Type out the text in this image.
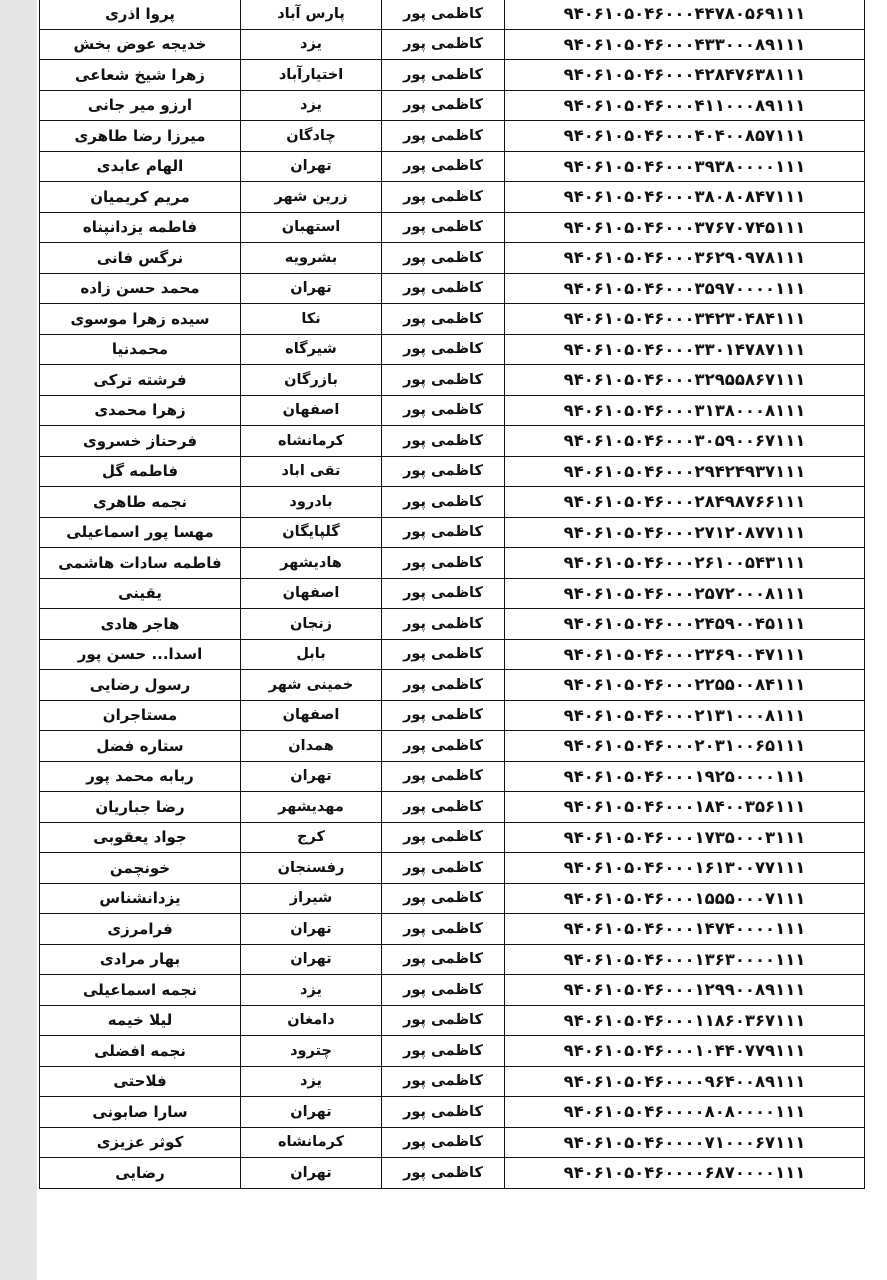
پروا اذری	پارس آباد	کاظمی پور	۹۴۰۶۱۰۵۰۴۶۰۰۰۴۴۷۸۰۵۶۹۱۱۱
خدیجه عوض بخش	یزد	کاظمی پور	۹۴۰۶۱۰۵۰۴۶۰۰۰۴۳۳۰۰۰۸۹۱۱۱
زهرا شیخ شعاعی	اختیارآباد	کاظمی پور	۹۴۰۶۱۰۵۰۴۶۰۰۰۴۲۸۴۷۶۳۸۱۱۱
ارزو میر جانی	یزد	کاظمی پور	۹۴۰۶۱۰۵۰۴۶۰۰۰۴۱۱۰۰۰۸۹۱۱۱
میرزا رضا طاهری	چادگان	کاظمی پور	۹۴۰۶۱۰۵۰۴۶۰۰۰۴۰۴۰۰۸۵۷۱۱۱
الهام عابدی	تهران	کاظمی پور	۹۴۰۶۱۰۵۰۴۶۰۰۰۳۹۳۸۰۰۰۰۱۱۱
مریم کریمیان	زرین شهر	کاظمی پور	۹۴۰۶۱۰۵۰۴۶۰۰۰۳۸۰۸۰۸۴۷۱۱۱
فاطمه یزدانپناه	استهبان	کاظمی پور	۹۴۰۶۱۰۵۰۴۶۰۰۰۳۷۶۷۰۷۴۵۱۱۱
نرگس فانی	بشرویه	کاظمی پور	۹۴۰۶۱۰۵۰۴۶۰۰۰۳۶۲۹۰۹۷۸۱۱۱
محمد حسن زاده	تهران	کاظمی پور	۹۴۰۶۱۰۵۰۴۶۰۰۰۳۵۹۷۰۰۰۰۱۱۱
سیده زهرا موسوی	نکا	کاظمی پور	۹۴۰۶۱۰۵۰۴۶۰۰۰۳۴۲۳۰۴۸۴۱۱۱
محمدنیا	شیرگاه	کاظمی پور	۹۴۰۶۱۰۵۰۴۶۰۰۰۳۳۰۱۴۷۸۷۱۱۱
فرشته ترکی	بازرگان	کاظمی پور	۹۴۰۶۱۰۵۰۴۶۰۰۰۳۲۹۵۵۸۶۷۱۱۱
زهرا محمدی	اصفهان	کاظمی پور	۹۴۰۶۱۰۵۰۴۶۰۰۰۳۱۳۸۰۰۰۸۱۱۱
فرحناز خسروی	کرمانشاه	کاظمی پور	۹۴۰۶۱۰۵۰۴۶۰۰۰۳۰۵۹۰۰۶۷۱۱۱
فاطمه گل	تقی اباد	کاظمی پور	۹۴۰۶۱۰۵۰۴۶۰۰۰۲۹۴۲۴۹۳۷۱۱۱
نجمه طاهری	بادرود	کاظمی پور	۹۴۰۶۱۰۵۰۴۶۰۰۰۲۸۴۹۸۷۶۶۱۱۱
مهسا پور اسماعیلی	گلپایگان	کاظمی پور	۹۴۰۶۱۰۵۰۴۶۰۰۰۲۷۱۲۰۸۷۷۱۱۱
فاطمه سادات هاشمی	هادیشهر	کاظمی پور	۹۴۰۶۱۰۵۰۴۶۰۰۰۲۶۱۰۰۵۴۳۱۱۱
یقینی	اصفهان	کاظمی پور	۹۴۰۶۱۰۵۰۴۶۰۰۰۲۵۷۲۰۰۰۸۱۱۱
هاجر هادی	زنجان	کاظمی پور	۹۴۰۶۱۰۵۰۴۶۰۰۰۲۴۵۹۰۰۴۵۱۱۱
اسدا... حسن پور	بابل	کاظمی پور	۹۴۰۶۱۰۵۰۴۶۰۰۰۲۳۶۹۰۰۴۷۱۱۱
رسول رضایی	خمینی شهر	کاظمی پور	۹۴۰۶۱۰۵۰۴۶۰۰۰۲۲۵۵۰۰۸۴۱۱۱
مستاجران	اصفهان	کاظمی پور	۹۴۰۶۱۰۵۰۴۶۰۰۰۲۱۳۱۰۰۰۸۱۱۱
ستاره فضل	همدان	کاظمی پور	۹۴۰۶۱۰۵۰۴۶۰۰۰۲۰۳۱۰۰۶۵۱۱۱
ربابه محمد پور	تهران	کاظمی پور	۹۴۰۶۱۰۵۰۴۶۰۰۰۱۹۲۵۰۰۰۰۱۱۱
رضا جباریان	مهدیشهر	کاظمی پور	۹۴۰۶۱۰۵۰۴۶۰۰۰۱۸۴۰۰۳۵۶۱۱۱
جواد یعقوبی	کرج	کاظمی پور	۹۴۰۶۱۰۵۰۴۶۰۰۰۱۷۳۵۰۰۰۳۱۱۱
خونچمن	رفسنجان	کاظمی پور	۹۴۰۶۱۰۵۰۴۶۰۰۰۱۶۱۳۰۰۷۷۱۱۱
یزدانشناس	شیراز	کاظمی پور	۹۴۰۶۱۰۵۰۴۶۰۰۰۱۵۵۵۰۰۰۷۱۱۱
فرامرزی	تهران	کاظمی پور	۹۴۰۶۱۰۵۰۴۶۰۰۰۱۴۷۴۰۰۰۰۱۱۱
بهار مرادی	تهران	کاظمی پور	۹۴۰۶۱۰۵۰۴۶۰۰۰۱۳۶۳۰۰۰۰۱۱۱
نجمه اسماعیلی	یزد	کاظمی پور	۹۴۰۶۱۰۵۰۴۶۰۰۰۱۲۹۹۰۰۸۹۱۱۱
لیلا خیمه	دامغان	کاظمی پور	۹۴۰۶۱۰۵۰۴۶۰۰۰۱۱۸۶۰۳۶۷۱۱۱
نجمه افضلی	چترود	کاظمی پور	۹۴۰۶۱۰۵۰۴۶۰۰۰۱۰۴۴۰۷۷۹۱۱۱
فلاحتی	یزد	کاظمی پور	۹۴۰۶۱۰۵۰۴۶۰۰۰۰۹۶۴۰۰۸۹۱۱۱
سارا صابونی	تهران	کاظمی پور	۹۴۰۶۱۰۵۰۴۶۰۰۰۰۸۰۸۰۰۰۰۱۱۱
کوثر عزیزی	کرمانشاه	کاظمی پور	۹۴۰۶۱۰۵۰۴۶۰۰۰۰۷۱۰۰۰۶۷۱۱۱
رضایی	تهران	کاظمی پور	۹۴۰۶۱۰۵۰۴۶۰۰۰۰۶۸۷۰۰۰۰۱۱۱
